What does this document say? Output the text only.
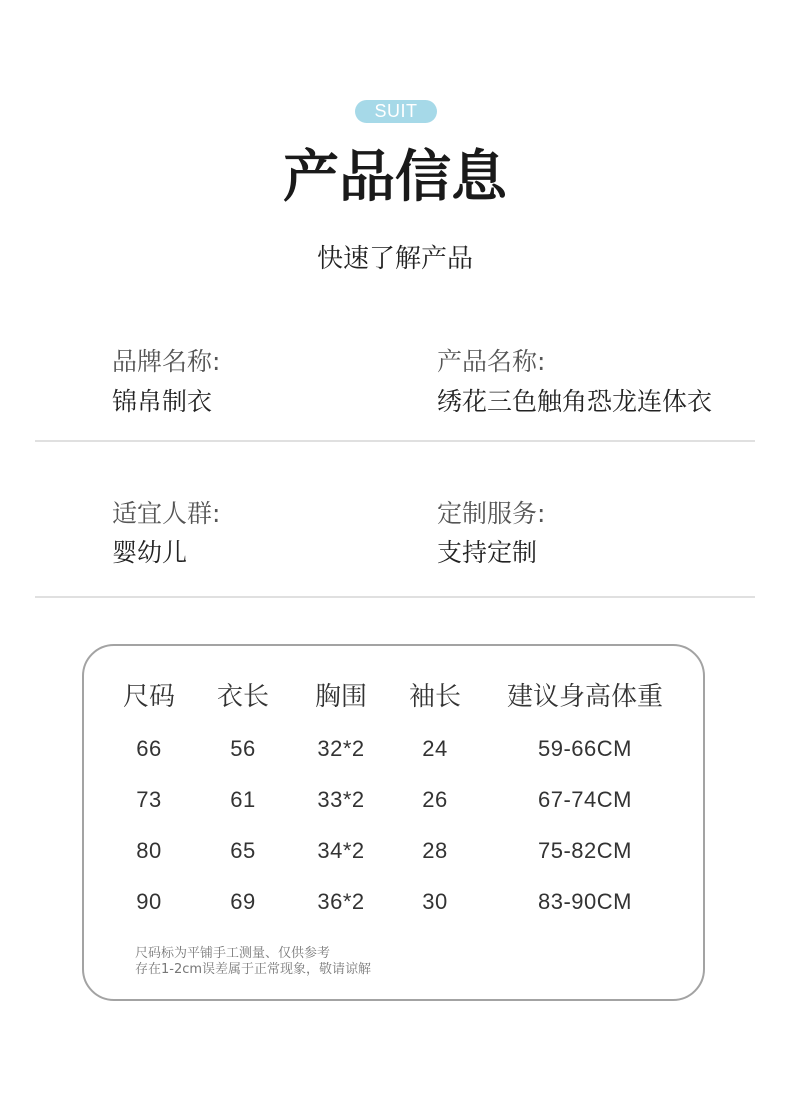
SUIT
产品信息
快速了解产品
品牌名称:
锦帛制衣
产品名称:
绣花三色触角恐龙连体衣
适宜人群:
婴幼儿
定制服务:
支持定制
尺码	衣长	胸围	袖长	建议身高体重
66	56	32*2	24	59-66CM
73	61	33*2	26	67-74CM
80	65	34*2	28	75-82CM
90	69	36*2	30	83-90CM
尺码标为平铺手工测量、仅供参考
存在1-2cm误差属于正常现象，敬请谅解
